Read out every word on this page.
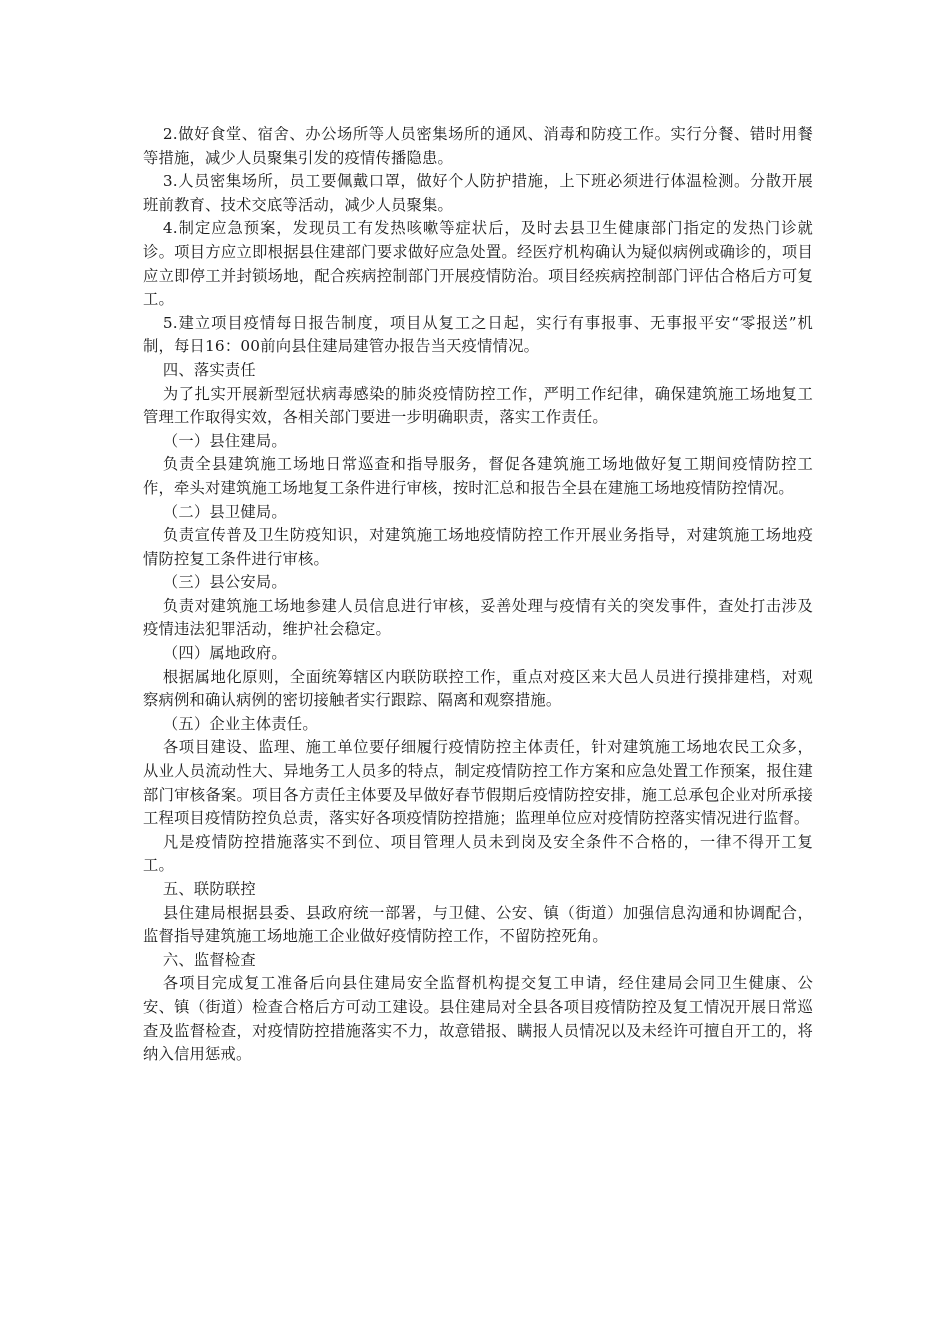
2.做好食堂、宿舍、办公场所等人员密集场所的通风、消毒和防疫工作。实行分餐、错时用餐等措施，减少人员聚集引发的疫情传播隐患。

3.人员密集场所，员工要佩戴口罩，做好个人防护措施，上下班必须进行体温检测。分散开展班前教育、技术交底等活动，减少人员聚集。

4.制定应急预案，发现员工有发热咳嗽等症状后，及时去县卫生健康部门指定的发热门诊就诊。项目方应立即根据县住建部门要求做好应急处置。经医疗机构确认为疑似病例或确诊的，项目应立即停工并封锁场地，配合疾病控制部门开展疫情防治。项目经疾病控制部门评估合格后方可复工。

5.建立项目疫情每日报告制度，项目从复工之日起，实行有事报事、无事报平安“零报送”机制，每日16：00前向县住建局建管办报告当天疫情情况。

四、落实责任

为了扎实开展新型冠状病毒感染的肺炎疫情防控工作，严明工作纪律，确保建筑施工场地复工管理工作取得实效，各相关部门要进一步明确职责，落实工作责任。

（一）县住建局。

负责全县建筑施工场地日常巡查和指导服务，督促各建筑施工场地做好复工期间疫情防控工作，牵头对建筑施工场地复工条件进行审核，按时汇总和报告全县在建施工场地疫情防控情况。

（二）县卫健局。

负责宣传普及卫生防疫知识，对建筑施工场地疫情防控工作开展业务指导，对建筑施工场地疫情防控复工条件进行审核。

（三）县公安局。

负责对建筑施工场地参建人员信息进行审核，妥善处理与疫情有关的突发事件，查处打击涉及疫情违法犯罪活动，维护社会稳定。

（四）属地政府。

根据属地化原则，全面统筹辖区内联防联控工作，重点对疫区来大邑人员进行摸排建档，对观察病例和确认病例的密切接触者实行跟踪、隔离和观察措施。

（五）企业主体责任。

各项目建设、监理、施工单位要仔细履行疫情防控主体责任，针对建筑施工场地农民工众多，从业人员流动性大、异地务工人员多的特点，制定疫情防控工作方案和应急处置工作预案，报住建部门审核备案。项目各方责任主体要及早做好春节假期后疫情防控安排，施工总承包企业对所承接工程项目疫情防控负总责，落实好各项疫情防控措施；监理单位应对疫情防控落实情况进行监督。

凡是疫情防控措施落实不到位、项目管理人员未到岗及安全条件不合格的，一律不得开工复工。

五、联防联控

县住建局根据县委、县政府统一部署，与卫健、公安、镇（街道）加强信息沟通和协调配合，监督指导建筑施工场地施工企业做好疫情防控工作，不留防控死角。

六、监督检查

各项目完成复工准备后向县住建局安全监督机构提交复工申请，经住建局会同卫生健康、公安、镇（街道）检查合格后方可动工建设。县住建局对全县各项目疫情防控及复工情况开展日常巡查及监督检查，对疫情防控措施落实不力，故意错报、瞒报人员情况以及未经许可擅自开工的，将纳入信用惩戒。
